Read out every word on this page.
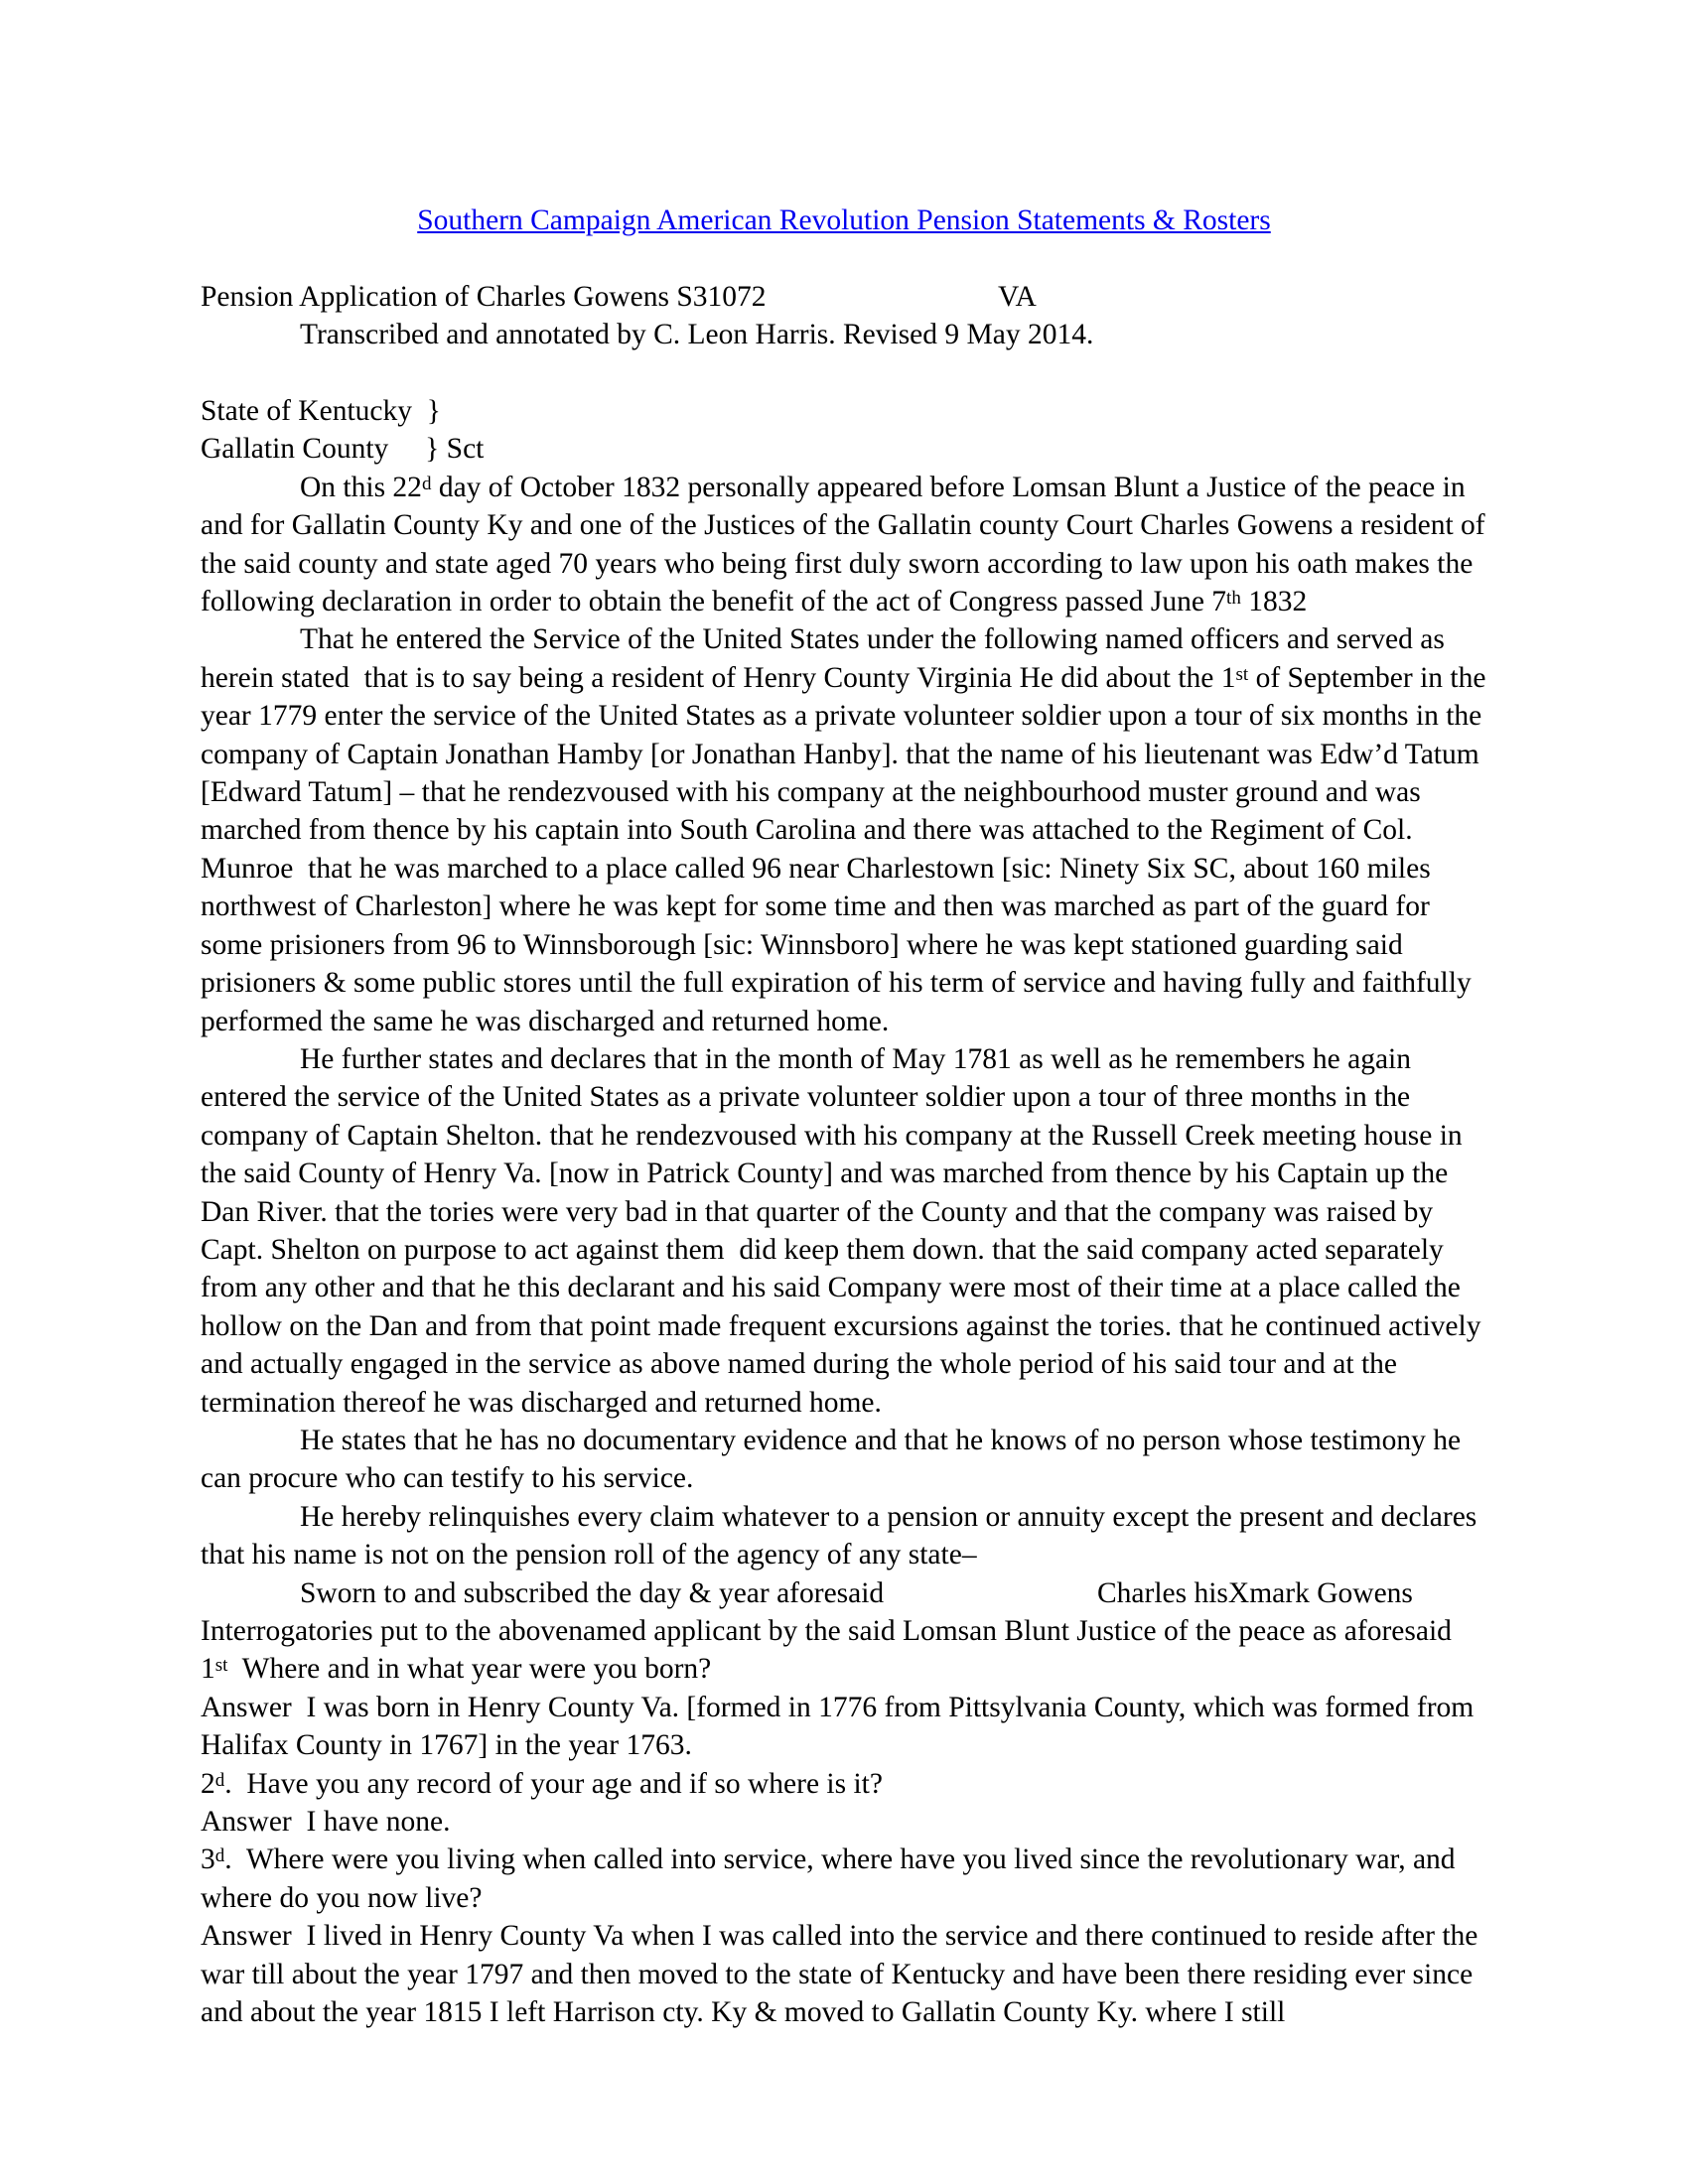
Southern Campaign American Revolution Pension Statements & Rosters

Pension Application of Charles Gowens S31072	VA

Transcribed and annotated by C. Leon Harris. Revised 9 May 2014.

State of Kentucky  }

Gallatin County     } Sct

On this 22$^d$ day of October 1832 personally appeared before Lomsan Blunt a Justice of the peace in and for Gallatin County Ky and one of the Justices of the Gallatin county Court Charles Gowens a resident of the said county and state aged 70 years who being first duly sworn according to law upon his oath makes the following declaration in order to obtain the benefit of the act of Congress passed June 7th 1832

That he entered the Service of the United States under the following named officers and served as herein stated  that is to say being a resident of Henry County Virginia He did about the 1st of September in the year 1779 enter the service of the United States as a private volunteer soldier upon a tour of six months in the company of Captain Jonathan Hamby [or Jonathan Hanby]. that the name of his lieutenant was Edw’d Tatum [Edward Tatum] – that he rendezvoused with his company at the neighbourhood muster ground and was marched from thence by his captain into South Carolina and there was attached to the Regiment of Col. Munroe  that he was marched to a place called 96 near Charlestown [sic: Ninety Six SC, about 160 miles northwest of Charleston] where he was kept for some time and then was marched as part of the guard for some prisioners from 96 to Winnsborough [sic: Winnsboro] where he was kept stationed guarding said prisioners & some public stores until the full expiration of his term of service and having fully and faithfully performed the same he was discharged and returned home.

He further states and declares that in the month of May 1781 as well as he remembers he again entered the service of the United States as a private volunteer soldier upon a tour of three months in the company of Captain Shelton. that he rendezvoused with his company at the Russell Creek meeting house in the said County of Henry Va. [now in Patrick County] and was marched from thence by his Captain up the Dan River. that the tories were very bad in that quarter of the County and that the company was raised by Capt. Shelton on purpose to act against them  did keep them down. that the said company acted separately from any other and that he this declarant and his said Company were most of their time at a place called the hollow on the Dan and from that point made frequent excursions against the tories. that he continued actively and actually engaged in the service as above named during the whole period of his said tour and at the termination thereof he was discharged and returned home.

He states that he has no documentary evidence and that he knows of no person whose testimony he can procure who can testify to his service.

He hereby relinquishes every claim whatever to a pension or annuity except the present and declares that his name is not on the pension roll of the agency of any state–

Sworn to and subscribed the day & year aforesaid	Charles hisXmark Gowens

Interrogatories put to the abovenamed applicant by the said Lomsan Blunt Justice of the peace as aforesaid

1st  Where and in what year were you born?

Answer  I was born in Henry County Va. [formed in 1776 from Pittsylvania County, which was formed from Halifax County in 1767] in the year 1763.

2$^d$.  Have you any record of your age and if so where is it?

Answer  I have none.

3$^d$.  Where were you living when called into service, where have you lived since the revolutionary war, and where do you now live?

Answer  I lived in Henry County Va when I was called into the service and there continued to reside after the war till about the year 1797 and then moved to the state of Kentucky and have been there residing ever since and about the year 1815 I left Harrison cty. Ky & moved to Gallatin County Ky. where I still
